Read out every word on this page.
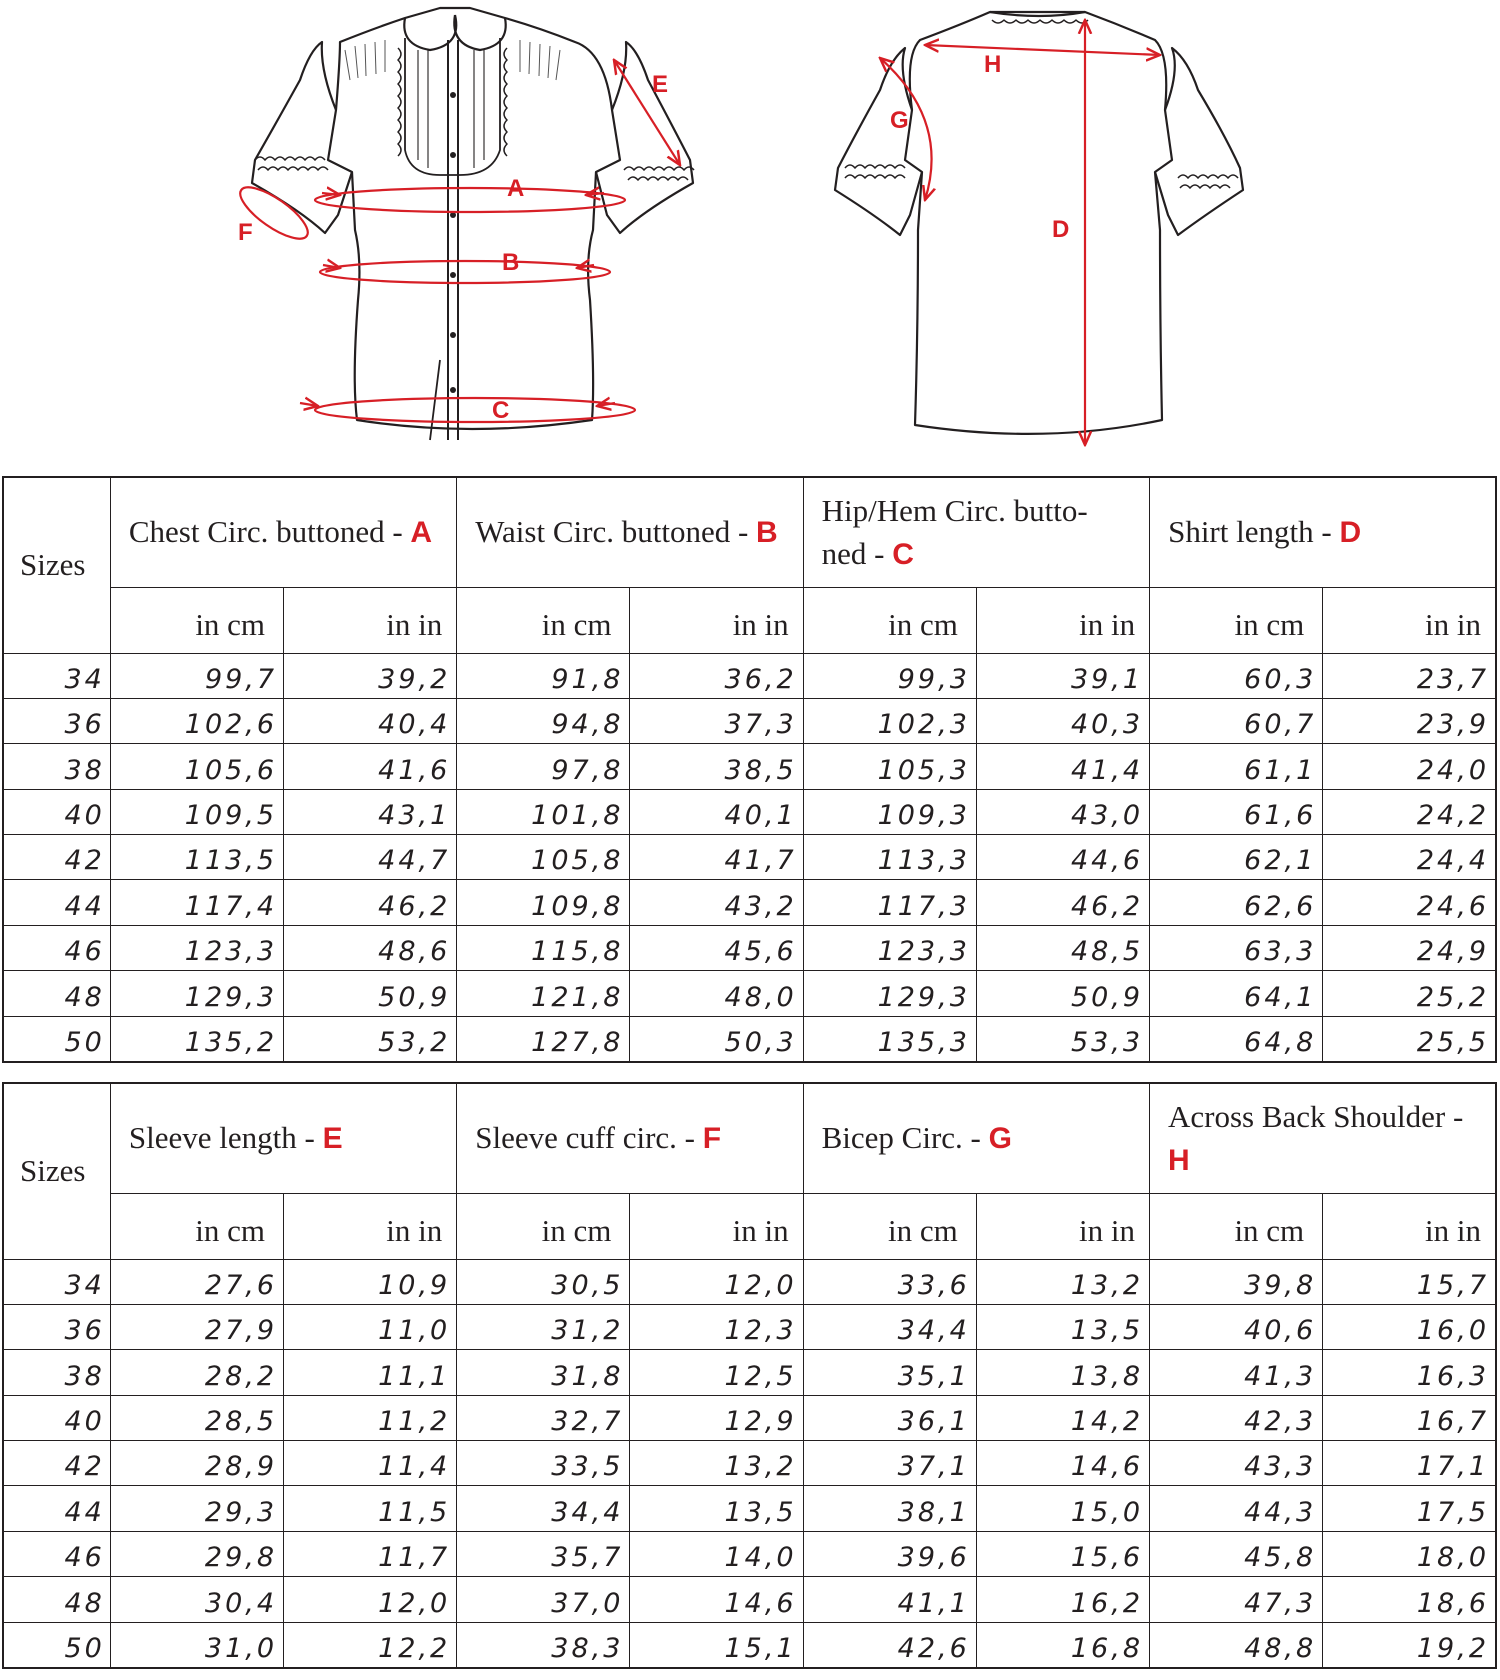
A
B
C
E
F
H
G
D
Sizes	Chest Circ. buttoned - A		Waist Circ. buttoned - B		Hip/Hem Circ. butto- ned - C		Shirt length - D	
	in cm	in in	in cm	in in	in cm	in in	in cm	in in
34	99,7	39,2	91,8	36,2	99,3	39,1	60,3	23,7
36	102,6	40,4	94,8	37,3	102,3	40,3	60,7	23,9
38	105,6	41,6	97,8	38,5	105,3	41,4	61,1	24,0
40	109,5	43,1	101,8	40,1	109,3	43,0	61,6	24,2
42	113,5	44,7	105,8	41,7	113,3	44,6	62,1	24,4
44	117,4	46,2	109,8	43,2	117,3	46,2	62,6	24,6
46	123,3	48,6	115,8	45,6	123,3	48,5	63,3	24,9
48	129,3	50,9	121,8	48,0	129,3	50,9	64,1	25,2
50	135,2	53,2	127,8	50,3	135,3	53,3	64,8	25,5
Sizes	Sleeve length - E		Sleeve cuff circ. - F		Bicep Circ. - G		Across Back Shoulder - H	
	in cm	in in	in cm	in in	in cm	in in	in cm	in in
34	27,6	10,9	30,5	12,0	33,6	13,2	39,8	15,7
36	27,9	11,0	31,2	12,3	34,4	13,5	40,6	16,0
38	28,2	11,1	31,8	12,5	35,1	13,8	41,3	16,3
40	28,5	11,2	32,7	12,9	36,1	14,2	42,3	16,7
42	28,9	11,4	33,5	13,2	37,1	14,6	43,3	17,1
44	29,3	11,5	34,4	13,5	38,1	15,0	44,3	17,5
46	29,8	11,7	35,7	14,0	39,6	15,6	45,8	18,0
48	30,4	12,0	37,0	14,6	41,1	16,2	47,3	18,6
50	31,0	12,2	38,3	15,1	42,6	16,8	48,8	19,2
